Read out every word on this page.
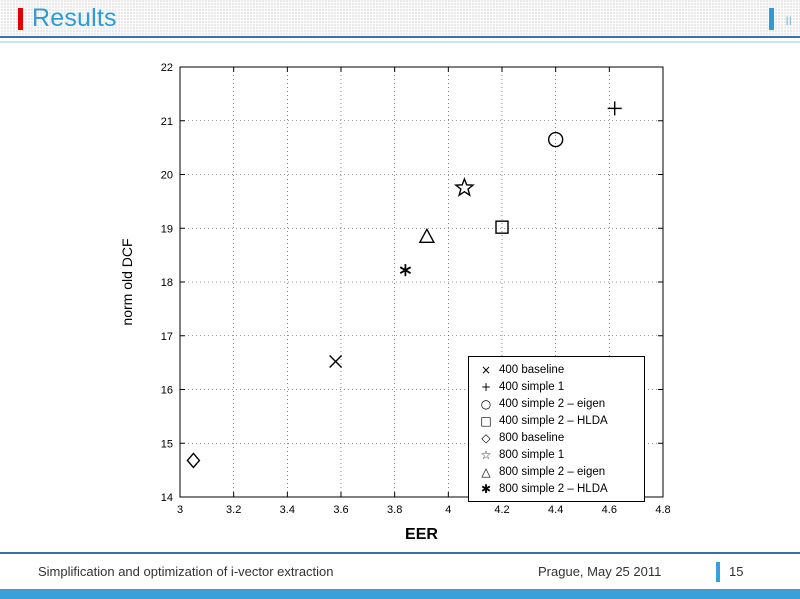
Results	II
3	3.2	3.4	3.6	3.8	4	4.2	4.4	4.6	4.8
14
15
16
17
18
19
20
21
22
EER
norm old DCF
× 400 baseline
+ 400 simple 1
○ 400 simple 2 – eigen
□ 400 simple 2 – HLDA
◇ 800 baseline
☆ 800 simple 1
△ 800 simple 2 – eigen
✱ 800 simple 2 – HLDA
Simplification and optimization of i-vector extraction	Prague, May 25 2011	15
